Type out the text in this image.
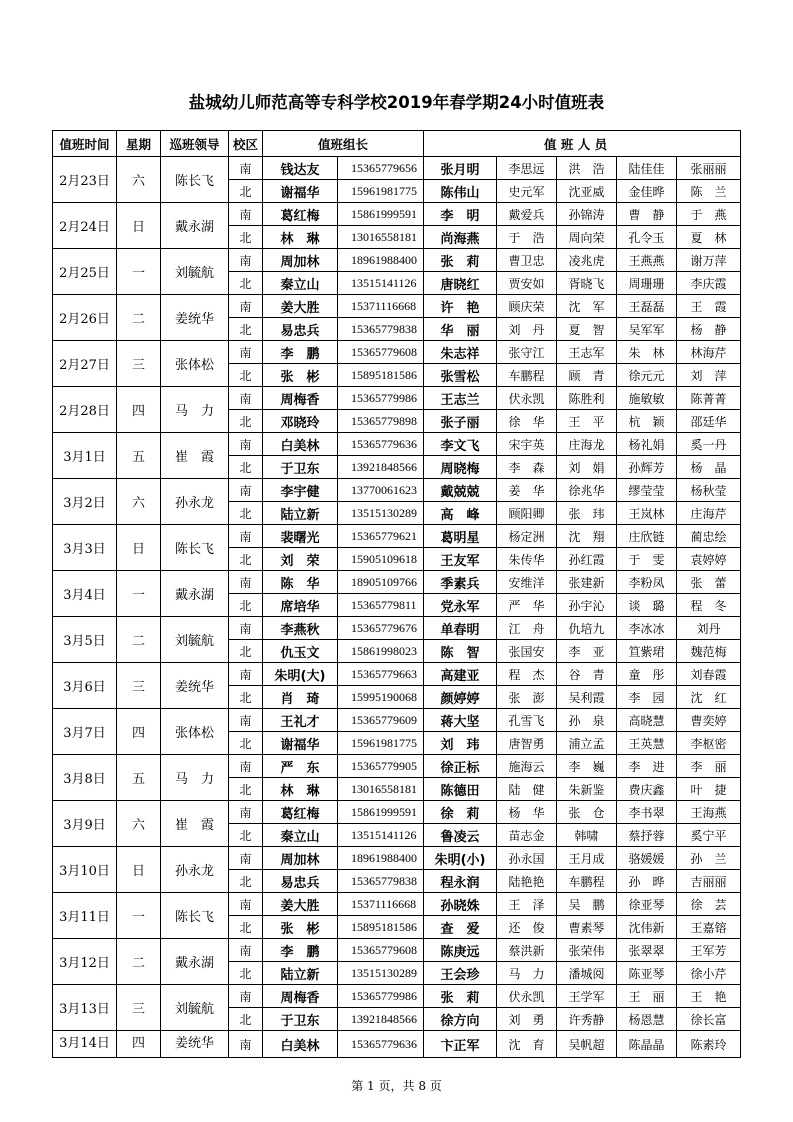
盐城幼儿师范高等专科学校2019年春学期24小时值班表
值班时间	星期	巡班领导	校区	值班组长		值 班 人 员				
2月23日	六	陈长飞	南	钱达友	15365779656	张月明	李思远	洪　浩	陆佳佳	张丽丽
			北	谢福华	15961981775	陈伟山	史元军	沈亚威	金佳晔	陈　兰
2月24日	日	戴永湖	南	葛红梅	15861999591	李　明	戴爱兵	孙锦涛	曹　静	于　燕
			北	林　琳	13016558181	尚海燕	于　浩	周向荣	孔令玉	夏　林
2月25日	一	刘毓航	南	周加林	18961988400	张　莉	曹卫忠	凌兆虎	王燕燕	谢万萍
			北	秦立山	13515141126	唐晓红	贾安如	胥晓飞	周珊珊	李庆霞
2月26日	二	姜统华	南	姜大胜	15371116668	许　艳	顾庆荣	沈　军	王磊磊	王　霞
			北	易忠兵	15365779838	华　丽	刘　丹	夏　智	吴军军	杨　静
2月27日	三	张体松	南	李　鹏	15365779608	朱志祥	张守江	王志军	朱　林	林海芹
			北	张　彬	15895181586	张雪松	车鹏程	顾　青	徐元元	刘　萍
2月28日	四	马　力	南	周梅香	15365779986	王志兰	伏永凯	陈胜利	施敏敏	陈菁菁
			北	邓晓玲	15365779898	张子丽	徐　华	王　平	杭　颖	邵廷华
3月1日	五	崔　霞	南	白美林	15365779636	李文飞	宋宇英	庄海龙	杨礼娟	奚一丹
			北	于卫东	13921848566	周晓梅	李　森	刘　娟	孙辉芳	杨　晶
3月2日	六	孙永龙	南	李宇健	13770061623	戴兢兢	姜　华	徐兆华	缪莹莹	杨秋莹
			北	陆立新	13515130289	高　峰	顾阳卿	张　玮	王岚林	庄海芹
3月3日	日	陈长飞	南	裴曙光	15365779621	葛明星	杨定洲	沈　翔	庄欣链	蔺忠绘
			北	刘　荣	15905109618	王友军	朱传华	孙红霞	于　雯	袁婷婷
3月4日	一	戴永湖	南	陈　华	18905109766	季素兵	安维洋	张建新	李粉凤	张　蕾
			北	席培华	15365779811	党永军	严　华	孙宇沁	谈　璐	程　冬
3月5日	二	刘毓航	南	李燕秋	15365779676	单春明	江　舟	仇培九	李冰冰	刘丹
			北	仇玉文	15861998023	陈　智	张国安	李　亚	笪紫珺	魏范梅
3月6日	三	姜统华	南	朱明(大)	15365779663	高建亚	程　杰	谷　青	童　彤	刘春霞
			北	肖　琦	15995190068	颜婷婷	张　澎	吴利霞	李　园	沈　红
3月7日	四	张体松	南	王礼才	15365779609	蒋大坚	孔雪飞	孙　泉	高晓慧	曹奕婷
			北	谢福华	15961981775	刘　玮	唐智勇	浦立孟	王英慧	李枢密
3月8日	五	马　力	南	严　东	15365779905	徐正标	施海云	李　巍	李　进	李　丽
			北	林　琳	13016558181	陈德田	陆　健	朱新鉴	费庆鑫	叶　捷
3月9日	六	崔　霞	南	葛红梅	15861999591	徐　莉	杨　华	张　仓	李书翠	王海燕
			北	秦立山	13515141126	鲁凌云	苗志金	韩啸	蔡抒蓉	奚宁平
3月10日	日	孙永龙	南	周加林	18961988400	朱明(小)	孙永国	王月成	骆媛媛	孙　兰
			北	易忠兵	15365779838	程永润	陆艳艳	车鹏程	孙　晔	吉丽丽
3月11日	一	陈长飞	南	姜大胜	15371116668	孙晓姝	王　泽	吴　鹏	徐亚琴	徐　芸
			北	张　彬	15895181586	查　爱	还　俊	曹素琴	沈伟新	王嘉镕
3月12日	二	戴永湖	南	李　鹏	15365779608	陈庚远	蔡洪新	张荣伟	张翠翠	王军芳
			北	陆立新	13515130289	王会珍	马　力	潘城阅	陈亚琴	徐小芹
3月13日	三	刘毓航	南	周梅香	15365779986	张　莉	伏永凯	王学军	王　丽	王　艳
			北	于卫东	13921848566	徐方向	刘　勇	许秀静	杨恩慧	徐长富
3月14日	四	姜统华	南	白美林	15365779636	卞正军	沈　育	吴帆超	陈晶晶	陈素玲
第 1 页，共 8 页
